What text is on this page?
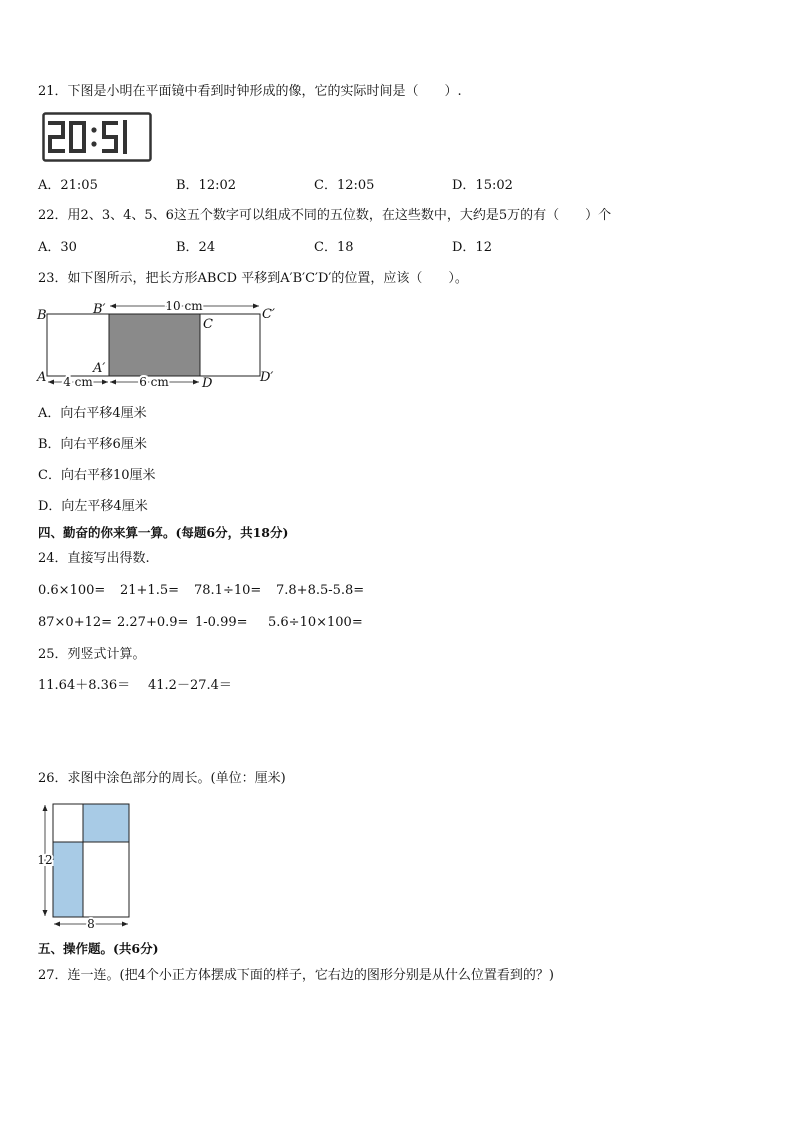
21．下图是小明在平面镜中看到时钟形成的像，它的实际时间是（　　）.
A．21:05	B．12:02	C．12:05	D．15:02
22．用2、3、4、5、6这五个数字可以组成不同的五位数，在这些数中，大约是5万的有（　　）个
A．30	B．24	C．18	D．12
23．如下图所示，把长方形ABCD 平移到A′B′C′D′的位置，应该（　　）。
10 cm
4 cm	6 cm
B	B′
C
C′
A
A′
D	D′
A．向右平移4厘米
B．向右平移6厘米
C．向右平移10厘米
D．向左平移4厘米
四、勤奋的你来算一算。(每题6分，共18分)
24．直接写出得数.
0.6×100= 21+1.5= 78.1÷10= 7.8+8.5-5.8=
87×0+12= 2.27+0.9= 1-0.99= 5.6÷10×100=
25．列竖式计算。
11.64＋8.36＝ 41.2－27.4＝
26．求图中涂色部分的周长。(单位：厘米)
12
8
五、操作题。(共6分)
27．连一连。(把4个小正方体摆成下面的样子，它右边的图形分别是从什么位置看到的？)
